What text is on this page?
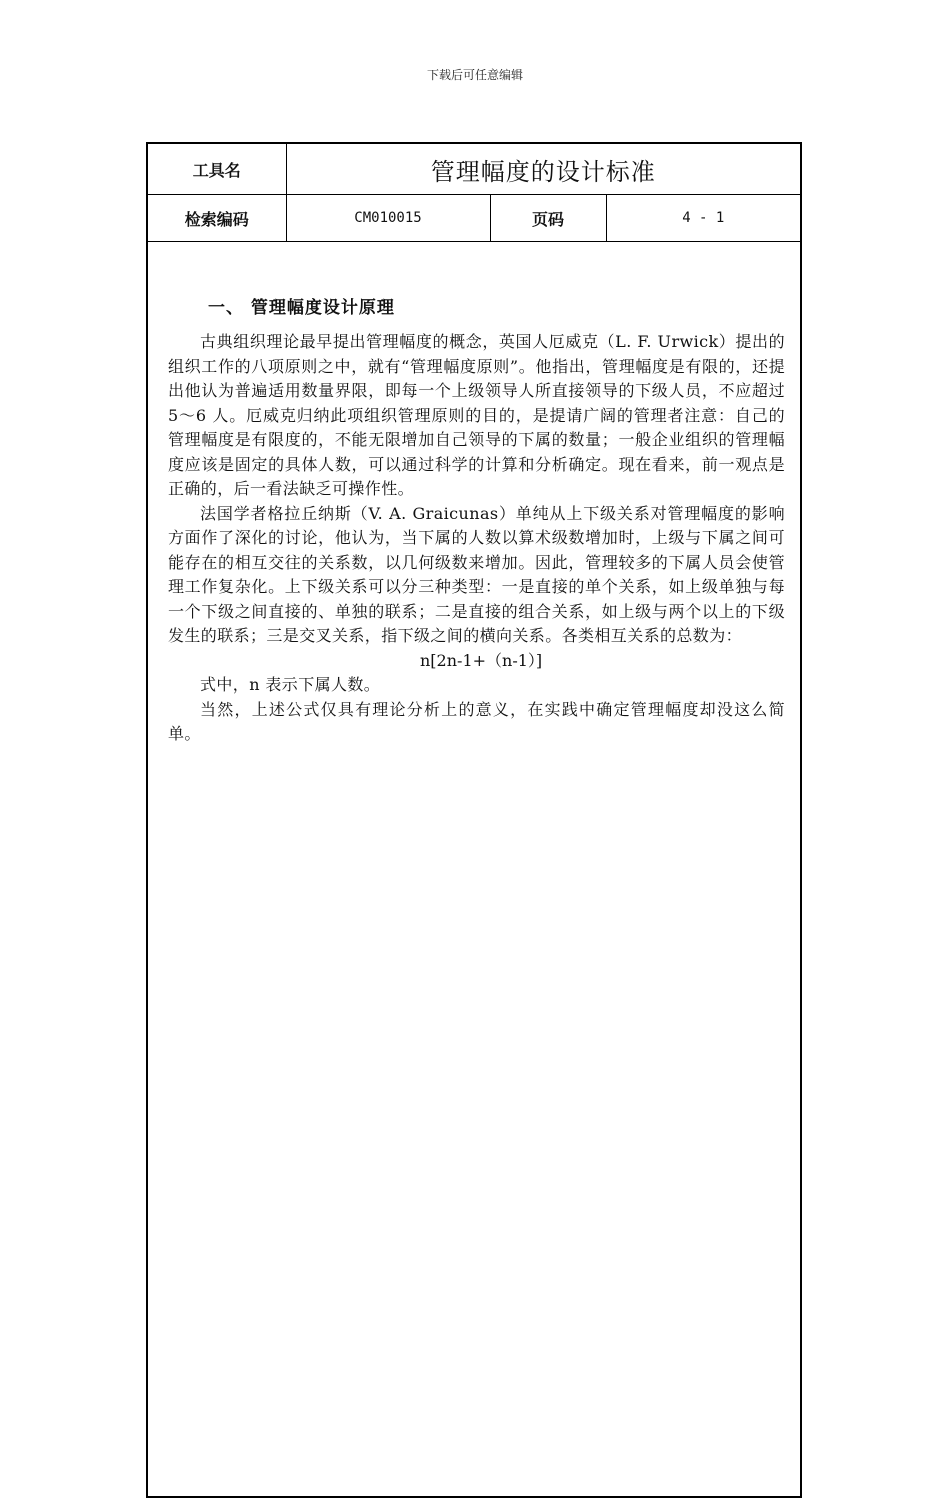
下载后可任意编辑
工具名	管理幅度的设计标准		
检索编码	CM010015	页码	4 - 1
一、 管理幅度设计原理

古典组织理论最早提出管理幅度的概念，英国人厄威克（L. F. Urwick）提出的组织工作的八项原则之中，就有“管理幅度原则”。他指出，管理幅度是有限的，还提出他认为普遍适用数量界限，即每一个上级领导人所直接领导的下级人员，不应超过 5～6 人。厄威克归纳此项组织管理原则的目的，是提请广阔的管理者注意：自己的管理幅度是有限度的，不能无限增加自己领导的下属的数量；一般企业组织的管理幅度应该是固定的具体人数，可以通过科学的计算和分析确定。现在看来，前一观点是正确的，后一看法缺乏可操作性。

法国学者格拉丘纳斯（V. A. Graicunas）单纯从上下级关系对管理幅度的影响方面作了深化的讨论，他认为，当下属的人数以算术级数增加时，上级与下属之间可能存在的相互交往的关系数，以几何级数来增加。因此，管理较多的下属人员会使管理工作复杂化。上下级关系可以分三种类型：一是直接的单个关系，如上级单独与每一个下级之间直接的、单独的联系；二是直接的组合关系，如上级与两个以上的下级发生的联系；三是交叉关系，指下级之间的横向关系。各类相互关系的总数为：

n[2n-1+（n-1）]

式中，n 表示下属人数。

当然，上述公式仅具有理论分析上的意义，在实践中确定管理幅度却没这么简单。
